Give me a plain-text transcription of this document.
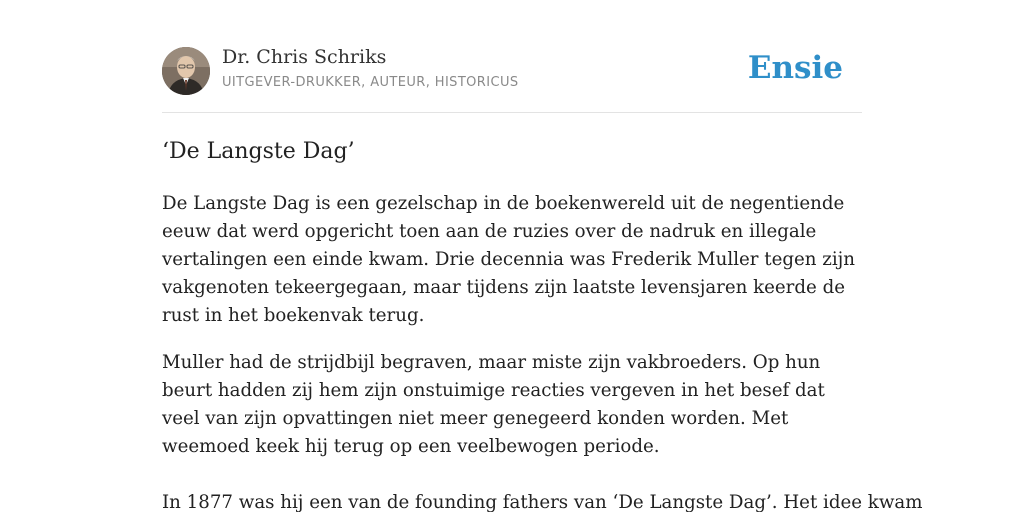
Dr. Chris Schriks
UITGEVER-DRUKKER, AUTEUR, HISTORICUS	Ensie
‘De Langste Dag’

De Langste Dag is een gezelschap in de boekenwereld uit de negentiende eeuw dat werd opgericht toen aan de ruzies over de nadruk en illegale vertalingen een einde kwam. Drie decennia was Frederik Muller tegen zijn vakgenoten tekeergegaan, maar tijdens zijn laatste levensjaren keerde de rust in het boekenvak terug.

Muller had de strijdbijl begraven, maar miste zijn vakbroeders. Op hun beurt hadden zij hem zijn onstuimige reacties vergeven in het besef dat veel van zijn opvattingen niet meer genegeerd konden worden. Met weemoed keek hij terug op een veelbewogen periode.

In 1877 was hij een van de founding fathers van ‘De Langste Dag’. Het idee kwam
